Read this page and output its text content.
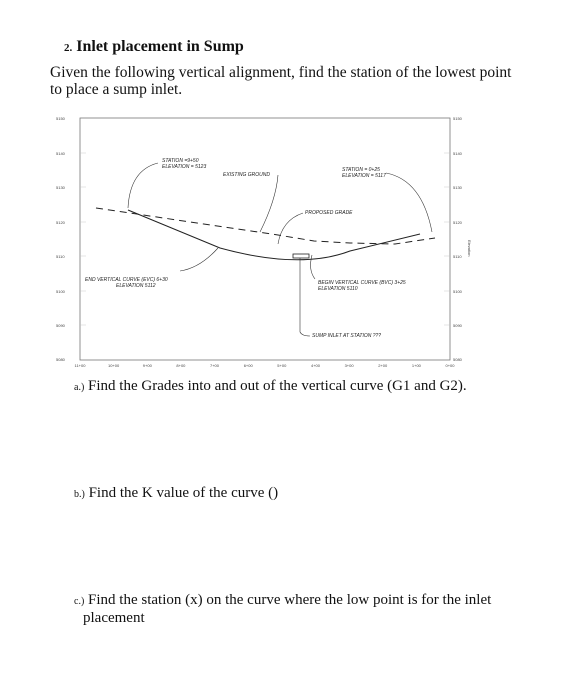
2. Inlet placement in Sump
Given the following vertical alignment, find the station of the lowest point to place a sump inlet.
5150
5140
5130
5120
5110
5100
5090
5080
5150
5140
5130
5120
5110
5100
5090
5080
Elevation
11+00	10+00	9+00	8+00	7+00	6+00	5+00	4+00	3+00	2+00	1+00	0+00
STATION =9+50
ELEVATION = 5123
EXISTING GROUND
STATION = 0+25
ELEVATION = 5117
PROPOSED GRADE
END VERTICAL CURVE (EVC) 6+30
ELEVATION 5112	BEGIN VERTICAL CURVE (BVC) 3+25
ELEVATION 5110
SUMP INLET AT STATION ???
a.) Find the Grades into and out of the vertical curve (G1 and G2).
b.) Find the K value of the curve ()
c.) Find the station (x) on the curve where the low point is for the inlet
placement
